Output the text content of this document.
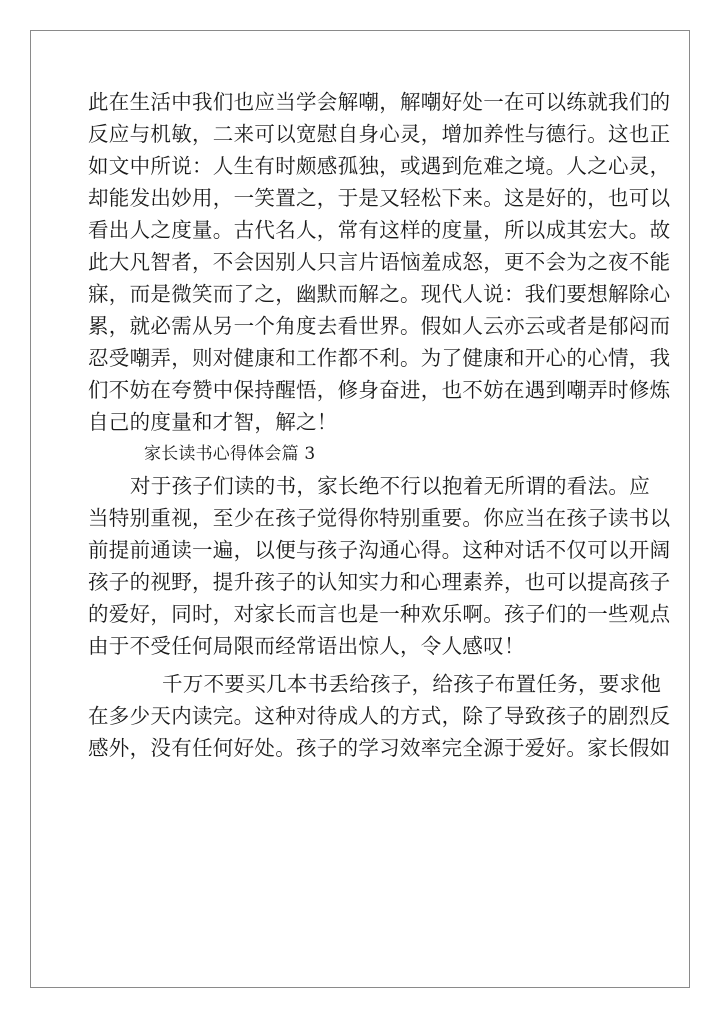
此在生活中我们也应当学会解嘲，解嘲好处一在可以练就我们的
反应与机敏，二来可以宽慰自身心灵，增加养性与德行。这也正
如文中所说：人生有时颇感孤独，或遇到危难之境。人之心灵，
却能发出妙用，一笑置之，于是又轻松下来。这是好的，也可以
看出人之度量。古代名人，常有这样的度量，所以成其宏大。故
此大凡智者，不会因别人只言片语恼羞成怒，更不会为之夜不能
寐，而是微笑而了之，幽默而解之。现代人说：我们要想解除心
累，就必需从另一个角度去看世界。假如人云亦云或者是郁闷而
忍受嘲弄，则对健康和工作都不利。为了健康和开心的心情，我
们不妨在夸赞中保持醒悟，修身奋进，也不妨在遇到嘲弄时修炼
自己的度量和才智，解之！
家长读书心得体会篇 3
对于孩子们读的书，家长绝不行以抱着无所谓的看法。应
当特别重视，至少在孩子觉得你特别重要。你应当在孩子读书以
前提前通读一遍，以便与孩子沟通心得。这种对话不仅可以开阔
孩子的视野，提升孩子的认知实力和心理素养，也可以提高孩子
的爱好，同时，对家长而言也是一种欢乐啊。孩子们的一些观点
由于不受任何局限而经常语出惊人，令人感叹！
千万不要买几本书丢给孩子，给孩子布置任务，要求他
在多少天内读完。这种对待成人的方式，除了导致孩子的剧烈反
感外，没有任何好处。孩子的学习效率完全源于爱好。家长假如
